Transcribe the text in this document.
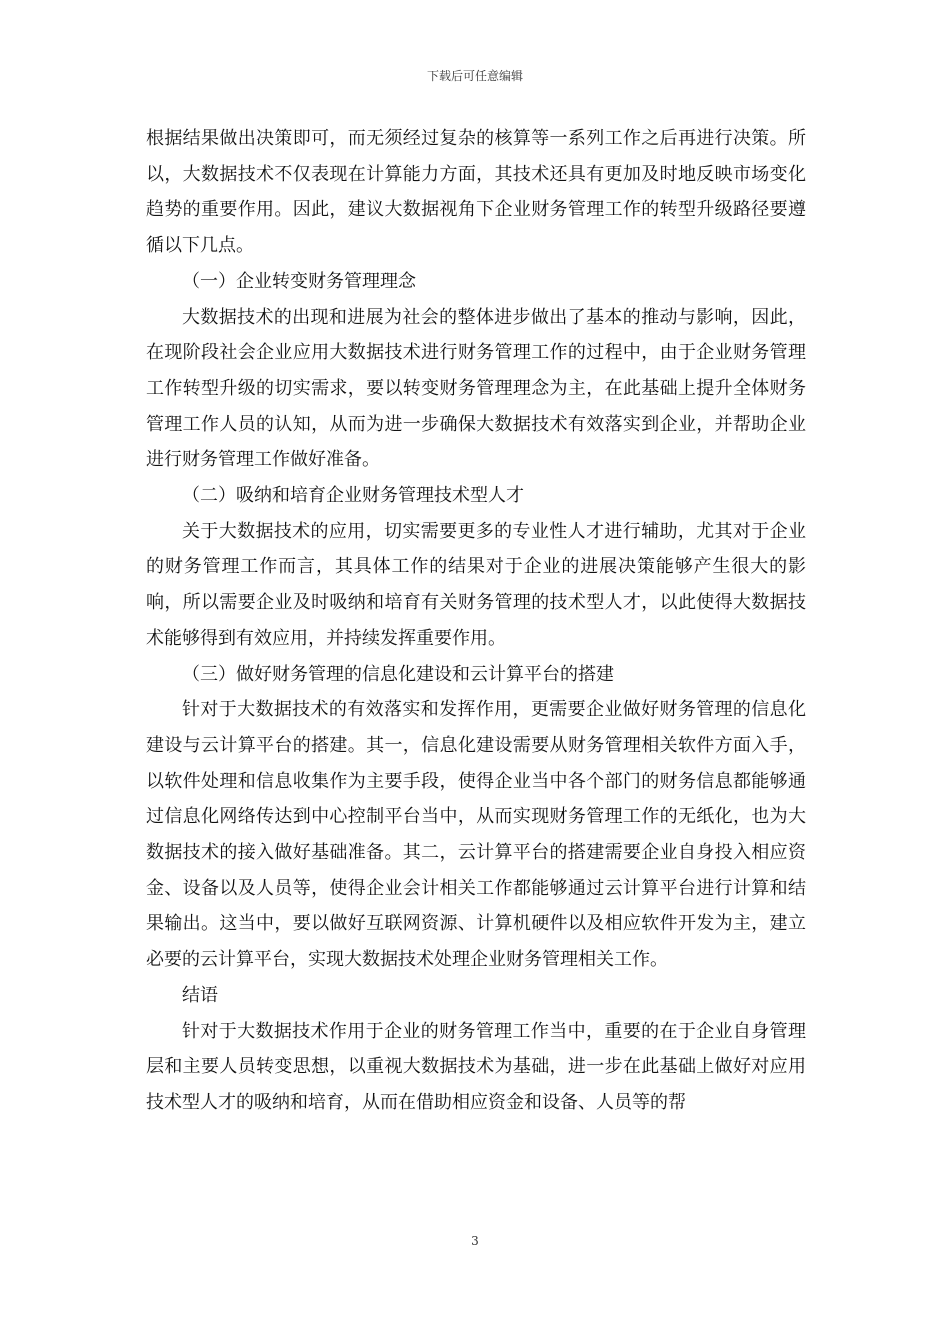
下载后可任意编辑

根据结果做出决策即可，而无须经过复杂的核算等一系列工作之后再进行决策。所以，大数据技术不仅表现在计算能力方面，其技术还具有更加及时地反映市场变化趋势的重要作用。因此，建议大数据视角下企业财务管理工作的转型升级路径要遵循以下几点。

（一）企业转变财务管理理念

大数据技术的出现和进展为社会的整体进步做出了基本的推动与影响，因此，在现阶段社会企业应用大数据技术进行财务管理工作的过程中，由于企业财务管理工作转型升级的切实需求，要以转变财务管理理念为主，在此基础上提升全体财务管理工作人员的认知，从而为进一步确保大数据技术有效落实到企业，并帮助企业进行财务管理工作做好准备。

（二）吸纳和培育企业财务管理技术型人才

关于大数据技术的应用，切实需要更多的专业性人才进行辅助，尤其对于企业的财务管理工作而言，其具体工作的结果对于企业的进展决策能够产生很大的影响，所以需要企业及时吸纳和培育有关财务管理的技术型人才，以此使得大数据技术能够得到有效应用，并持续发挥重要作用。

（三）做好财务管理的信息化建设和云计算平台的搭建

针对于大数据技术的有效落实和发挥作用，更需要企业做好财务管理的信息化建设与云计算平台的搭建。其一，信息化建设需要从财务管理相关软件方面入手，以软件处理和信息收集作为主要手段，使得企业当中各个部门的财务信息都能够通过信息化网络传达到中心控制平台当中，从而实现财务管理工作的无纸化，也为大数据技术的接入做好基础准备。其二，云计算平台的搭建需要企业自身投入相应资金、设备以及人员等，使得企业会计相关工作都能够通过云计算平台进行计算和结果输出。这当中，要以做好互联网资源、计算机硬件以及相应软件开发为主，建立必要的云计算平台，实现大数据技术处理企业财务管理相关工作。

结语

针对于大数据技术作用于企业的财务管理工作当中，重要的在于企业自身管理层和主要人员转变思想，以重视大数据技术为基础，进一步在此基础上做好对应用技术型人才的吸纳和培育，从而在借助相应资金和设备、人员等的帮

3
